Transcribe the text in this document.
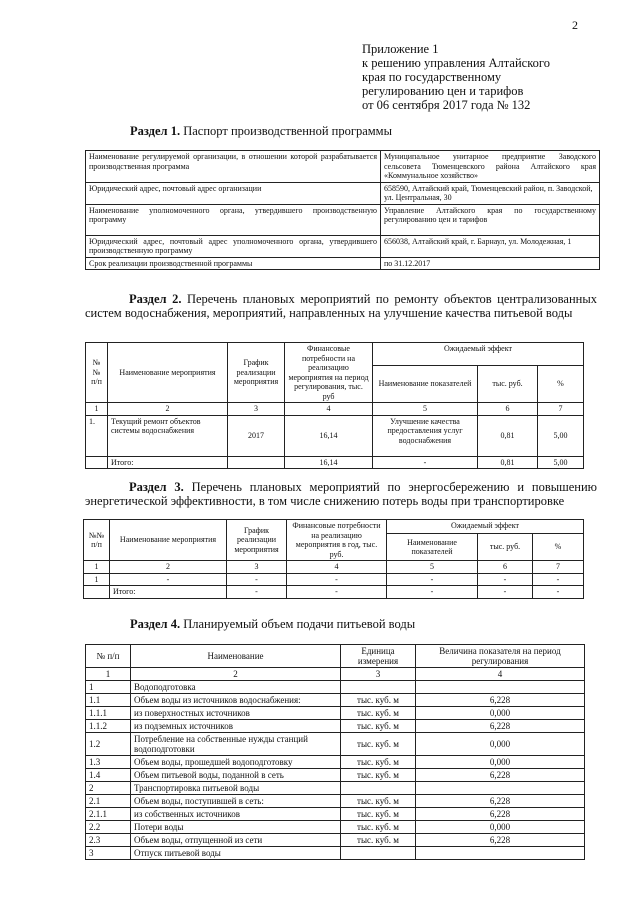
2
Приложение 1
к решению управления Алтайского
края по государственному
регулированию цен и тарифов
от 06 сентября 2017 года № 132
Раздел 1. Паспорт производственной программы
Наименование регулируемой организации, в отношении которой разрабатывается производственная программа	Муниципальное унитарное предприятие Заводского сельсовета Тюменцевского района Алтайского края «Коммунальное хозяйство»
Юридический адрес, почтовый адрес организации	658590, Алтайский край, Тюменцевский район, п. Заводской, ул. Центральная, 30
Наименование уполномоченного органа, утвердившего производственную программу	Управление Алтайского края по государственному регулированию цен и тарифов
Юридический адрес, почтовый адрес уполномоченного органа, утвердившего производственную программу	656038, Алтайский край, г. Барнаул, ул. Молодежная, 1
Срок реализации производственной программы	по 31.12.2017
Раздел 2. Перечень плановых мероприятий по ремонту объектов централизованных систем водоснабжения, мероприятий, направленных на улучшение качества питьевой воды
№№ п/п	Наименование мероприятия	График реализации мероприятия	Финансовые потребности на реализацию мероприятия на период регулирования, тыс. руб	Ожидаемый эффект		
				Наименование показателей	тыс. руб.	%
1	2	3	4	5	6	7
1.	Текущий ремонт объектов системы водоснабжения	2017	16,14	Улучшение качества предоставления услуг водоснабжения	0,81	5,00
	Итого:		16,14	-	0,81	5,00
Раздел 3. Перечень плановых мероприятий по энергосбережению и повышению энергетической эффективности, в том числе снижению потерь воды при транспортировке
№№ п/п	Наименование мероприятия	График реализации мероприятия	Финансовые потребности на реализацию мероприятия в год, тыс. руб.	Ожидаемый эффект		
				Наименование показателей	тыс. руб.	%
1	2	3	4	5	6	7
1	-	-	-	-	-	-
	Итого:	-	-	-	-	-
Раздел 4. Планируемый объем подачи питьевой воды
№ п/п	Наименование	Единица измерения	Величина показателя на период регулирования
1	2	3	4
1	Водоподготовка		
1.1	Объем воды из источников водоснабжения:	тыс. куб. м	6,228
1.1.1	из поверхностных источников	тыс. куб. м	0,000
1.1.2	из подземных источников	тыс. куб. м	6,228
1.2	Потребление на собственные нужды станций водоподготовки	тыс. куб. м	0,000
1.3	Объем воды, прошедшей водоподготовку	тыс. куб. м	0,000
1.4	Объем питьевой воды, поданной в сеть	тыс. куб. м	6,228
2	Транспортировка питьевой воды		
2.1	Объем воды, поступившей в сеть:	тыс. куб. м	6,228
2.1.1	из собственных источников	тыс. куб. м	6,228
2.2	Потери воды	тыс. куб. м	0,000
2.3	Объем воды, отпущенной из сети	тыс. куб. м	6,228
3	Отпуск питьевой воды		
